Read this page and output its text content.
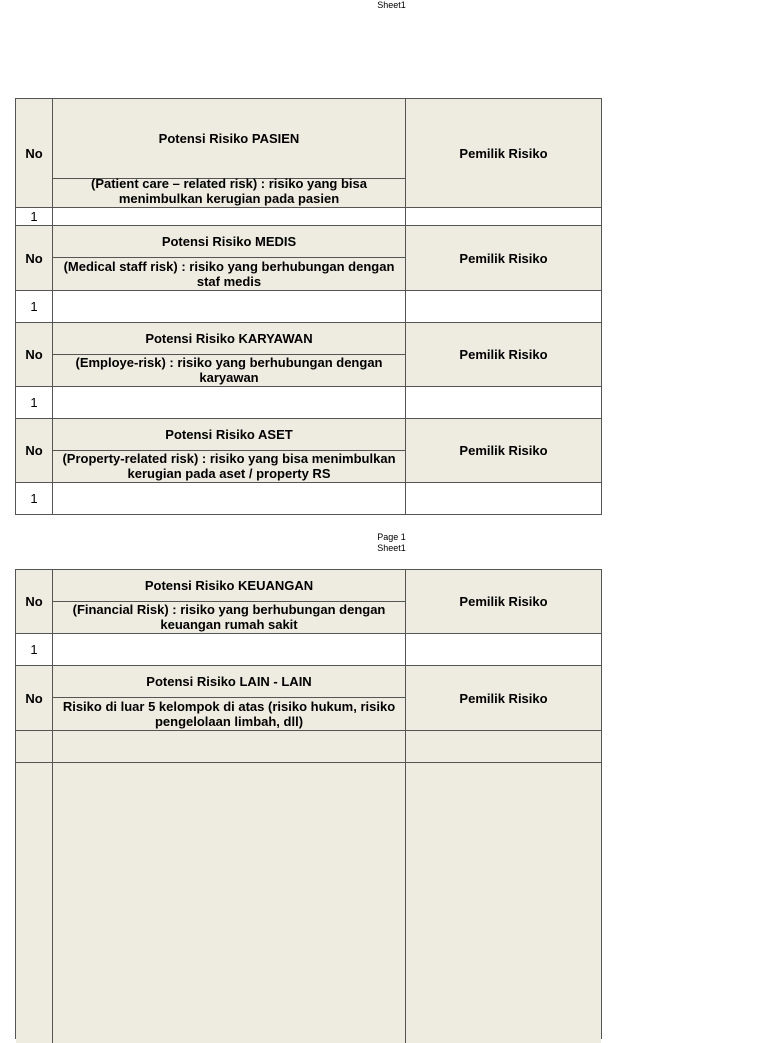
Sheet1
No
Potensi Risiko PASIEN
(Patient care – related risk) : risiko yang bisa menimbulkan kerugian pada pasien
Pemilik Risiko
1
No
Potensi Risiko MEDIS
(Medical staff risk) : risiko yang berhubungan dengan staf medis
Pemilik Risiko
1
No
Potensi Risiko KARYAWAN
(Employe-risk) : risiko yang berhubungan dengan karyawan
Pemilik Risiko
1
No
Potensi Risiko ASET
(Property-related risk) : risiko yang bisa menimbulkan kerugian pada aset / property RS
Pemilik Risiko
1
Page 1
Sheet1
No
Potensi Risiko KEUANGAN
(Financial Risk) : risiko yang berhubungan dengan keuangan rumah sakit
Pemilik Risiko
1
No
Potensi Risiko LAIN - LAIN
Risiko di luar 5 kelompok di atas (risiko hukum, risiko pengelolaan limbah, dll)
Pemilik Risiko
